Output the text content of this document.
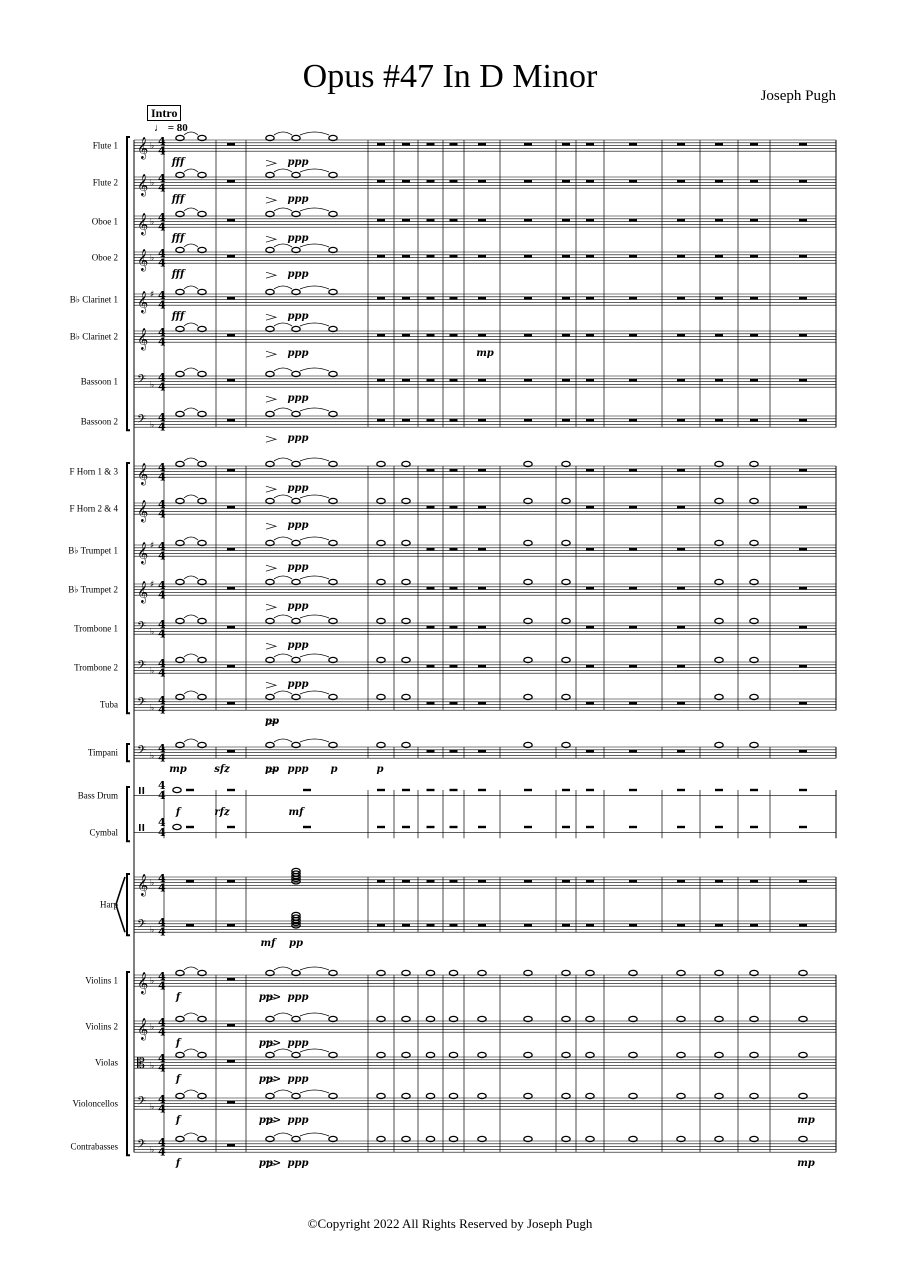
Opus #47 In D Minor
Joseph Pugh
Intro
♩ = 80
Flute 1
Flute 2
Oboe 1
Oboe 2
B♭ Clarinet 1
B♭ Clarinet 2
Bassoon 1
Bassoon 2
F Horn 1 & 3
F Horn 2 & 4
B♭ Trumpet 1
B♭ Trumpet 2
Trombone 1
Trombone 2
Tuba
Timpani
Bass Drum
Cymbal
Harp
Violins 1
Violins 2
Violas
Violoncellos
Contrabasses
𝄞 ♭ 4
4
𝄞 ♭ 4
4
𝄞 ♭ 4
4
𝄞 ♭ 4
4
𝄞 ♯ 4
4
𝄞 4
4
𝄢 ♭
4
4
𝄢 ♭
4
4
𝄞 4
4
𝄞 4
4
𝄞 ♯ 4
4
𝄞 ♯ 4
4
𝄢 ♭
4
4
𝄢 ♭
4
4
𝄢 ♭
4
4
𝄢 ♭
4
4
4
4
4
4
𝄞 ♭ 4
4
𝄢 ♭
4
4
𝄞 ♭ 4
4
𝄞 ♭ 4
4
𝄡 ♭
4
4
𝄢 ♭
4
4
𝄢 ♭
4
4
fff	ppp
fff	ppp
fff	ppp
fff	ppp
fff	ppp
ppp	mp
ppp
ppp
ppp
ppp
ppp
ppp
ppp
ppp
pp
mp	sfz	pp ppp p	p
f	rfz	mf
mf pp
f	pp> ppp
f	pp> ppp
f	pp> ppp
f	pp> ppp	mp
f	pp> ppp	mp
©Copyright 2022 All Rights Reserved by Joseph Pugh
